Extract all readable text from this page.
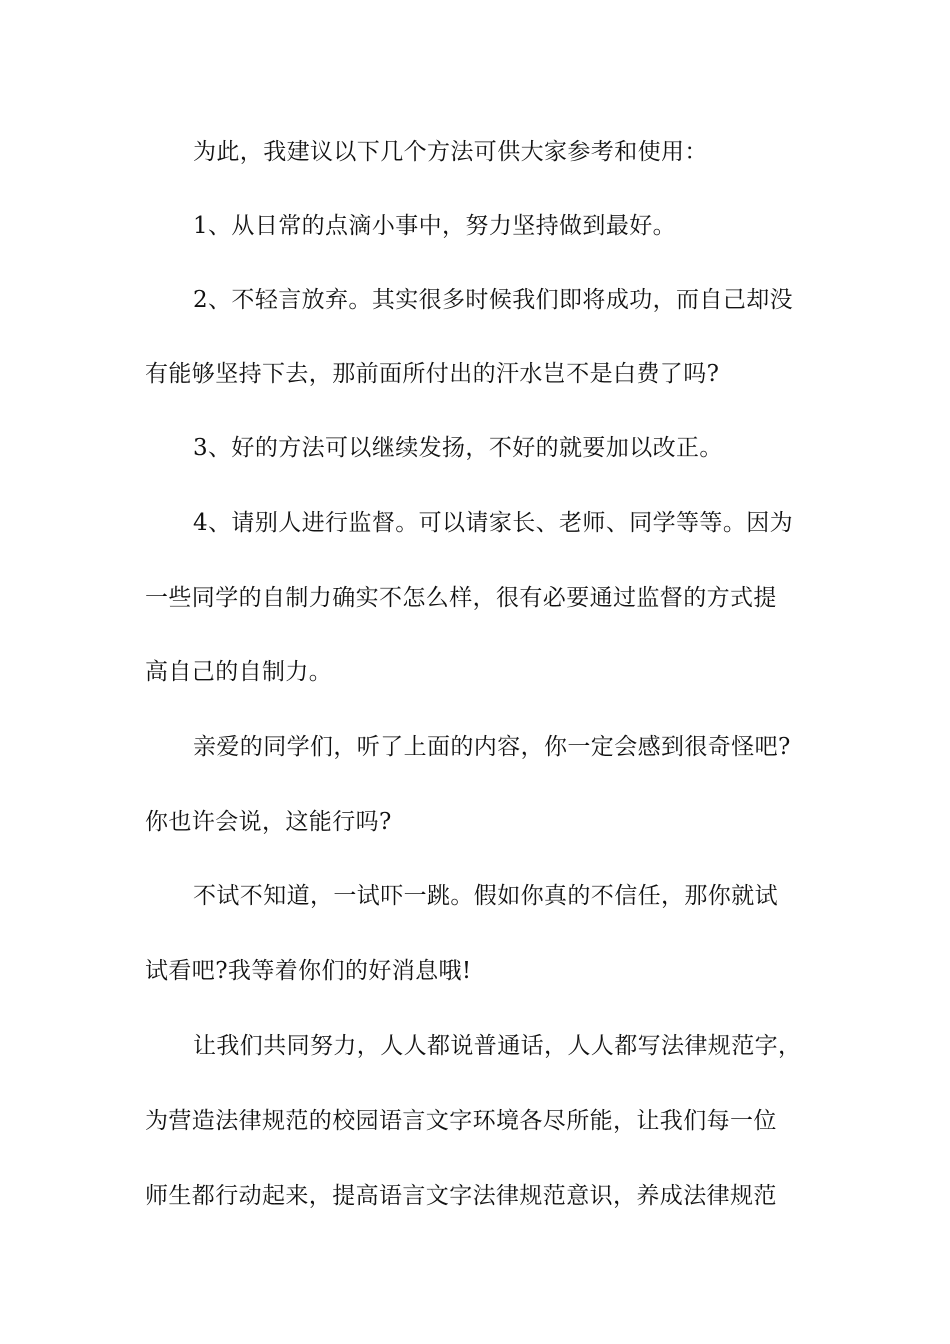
为此，我建议以下几个方法可供大家参考和使用：
1、从日常的点滴小事中，努力坚持做到最好。
2、不轻言放弃。其实很多时候我们即将成功，而自己却没
有能够坚持下去，那前面所付出的汗水岂不是白费了吗?
3、好的方法可以继续发扬，不好的就要加以改正。
4、请别人进行监督。可以请家长、老师、同学等等。因为
一些同学的自制力确实不怎么样，很有必要通过监督的方式提
高自己的自制力。
亲爱的同学们，听了上面的内容，你一定会感到很奇怪吧?
你也许会说，这能行吗?
不试不知道，一试吓一跳。假如你真的不信任，那你就试
试看吧?我等着你们的好消息哦!
让我们共同努力，人人都说普通话，人人都写法律规范字，
为营造法律规范的校园语言文字环境各尽所能，让我们每一位
师生都行动起来，提高语言文字法律规范意识，养成法律规范
